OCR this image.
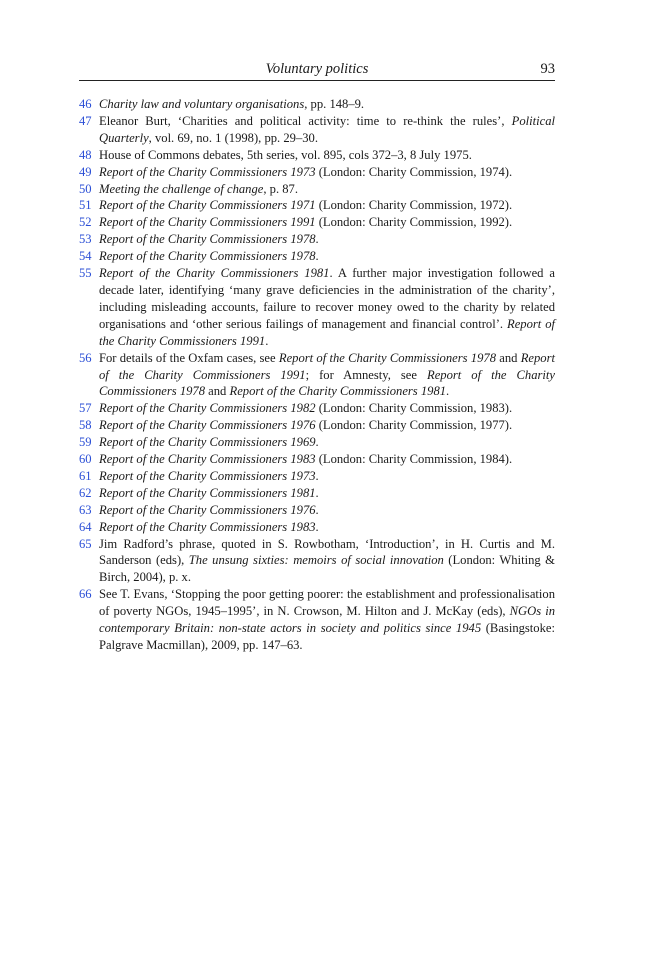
Voluntary politics	93
46 Charity law and voluntary organisations, pp. 148–9.
47 Eleanor Burt, ‘Charities and political activity: time to re-think the rules’, Political Quarterly, vol. 69, no. 1 (1998), pp. 29–30.
48 House of Commons debates, 5th series, vol. 895, cols 372–3, 8 July 1975.
49 Report of the Charity Commissioners 1973 (London: Charity Commission, 1974).
50 Meeting the challenge of change, p. 87.
51 Report of the Charity Commissioners 1971 (London: Charity Commission, 1972).
52 Report of the Charity Commissioners 1991 (London: Charity Commission, 1992).
53 Report of the Charity Commissioners 1978.
54 Report of the Charity Commissioners 1978.
55 Report of the Charity Commissioners 1981. A further major investigation followed a decade later, identifying ‘many grave deficiencies in the administration of the charity’, including misleading accounts, failure to recover money owed to the charity by related organisations and ‘other serious failings of management and financial control’. Report of the Charity Commissioners 1991.
56 For details of the Oxfam cases, see Report of the Charity Commissioners 1978 and Report of the Charity Commissioners 1991; for Amnesty, see Report of the Charity Commissioners 1978 and Report of the Charity Commissioners 1981.
57 Report of the Charity Commissioners 1982 (London: Charity Commission, 1983).
58 Report of the Charity Commissioners 1976 (London: Charity Commission, 1977).
59 Report of the Charity Commissioners 1969.
60 Report of the Charity Commissioners 1983 (London: Charity Commission, 1984).
61 Report of the Charity Commissioners 1973.
62 Report of the Charity Commissioners 1981.
63 Report of the Charity Commissioners 1976.
64 Report of the Charity Commissioners 1983.
65 Jim Radford’s phrase, quoted in S. Rowbotham, ‘Introduction’, in H. Curtis and M. Sanderson (eds), The unsung sixties: memoirs of social innovation (London: Whiting & Birch, 2004), p. x.
66 See T. Evans, ‘Stopping the poor getting poorer: the establishment and professionalisation of poverty NGOs, 1945–1995’, in N. Crowson, M. Hilton and J. McKay (eds), NGOs in contemporary Britain: non-state actors in society and politics since 1945 (Basingstoke: Palgrave Macmillan), 2009, pp. 147–63.
